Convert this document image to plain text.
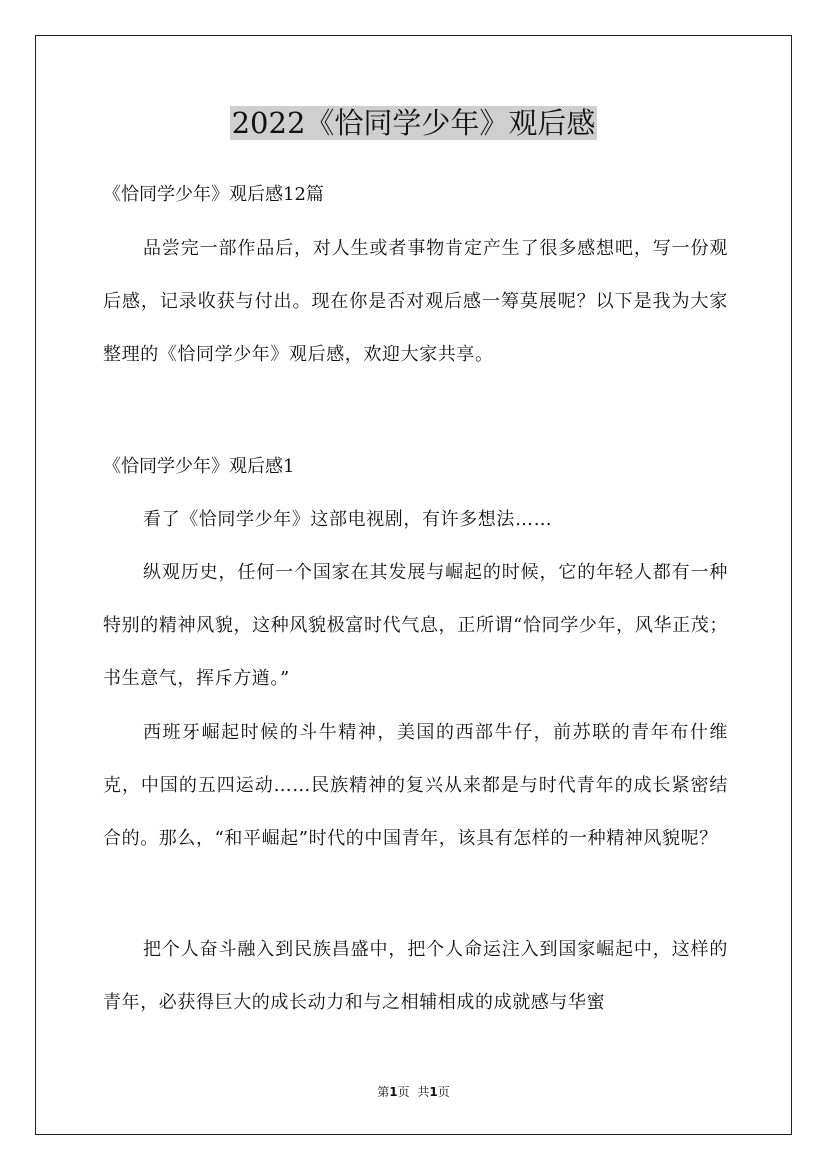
2022《恰同学少年》观后感

《恰同学少年》观后感12篇

品尝完一部作品后，对人生或者事物肯定产生了很多感想吧，写一份观后感，记录收获与付出。现在你是否对观后感一筹莫展呢？以下是我为大家整理的《恰同学少年》观后感，欢迎大家共享。

《恰同学少年》观后感1

看了《恰同学少年》这部电视剧，有许多想法……

纵观历史，任何一个国家在其发展与崛起的时候，它的年轻人都有一种特别的精神风貌，这种风貌极富时代气息，正所谓“恰同学少年，风华正茂；书生意气，挥斥方遒。”

西班牙崛起时候的斗牛精神，美国的西部牛仔，前苏联的青年布什维克，中国的五四运动……民族精神的复兴从来都是与时代青年的成长紧密结合的。那么，“和平崛起”时代的中国青年，该具有怎样的一种精神风貌呢？

把个人奋斗融入到民族昌盛中，把个人命运注入到国家崛起中，这样的青年，必获得巨大的成长动力和与之相辅相成的成就感与华蜜

第1页 共1页
